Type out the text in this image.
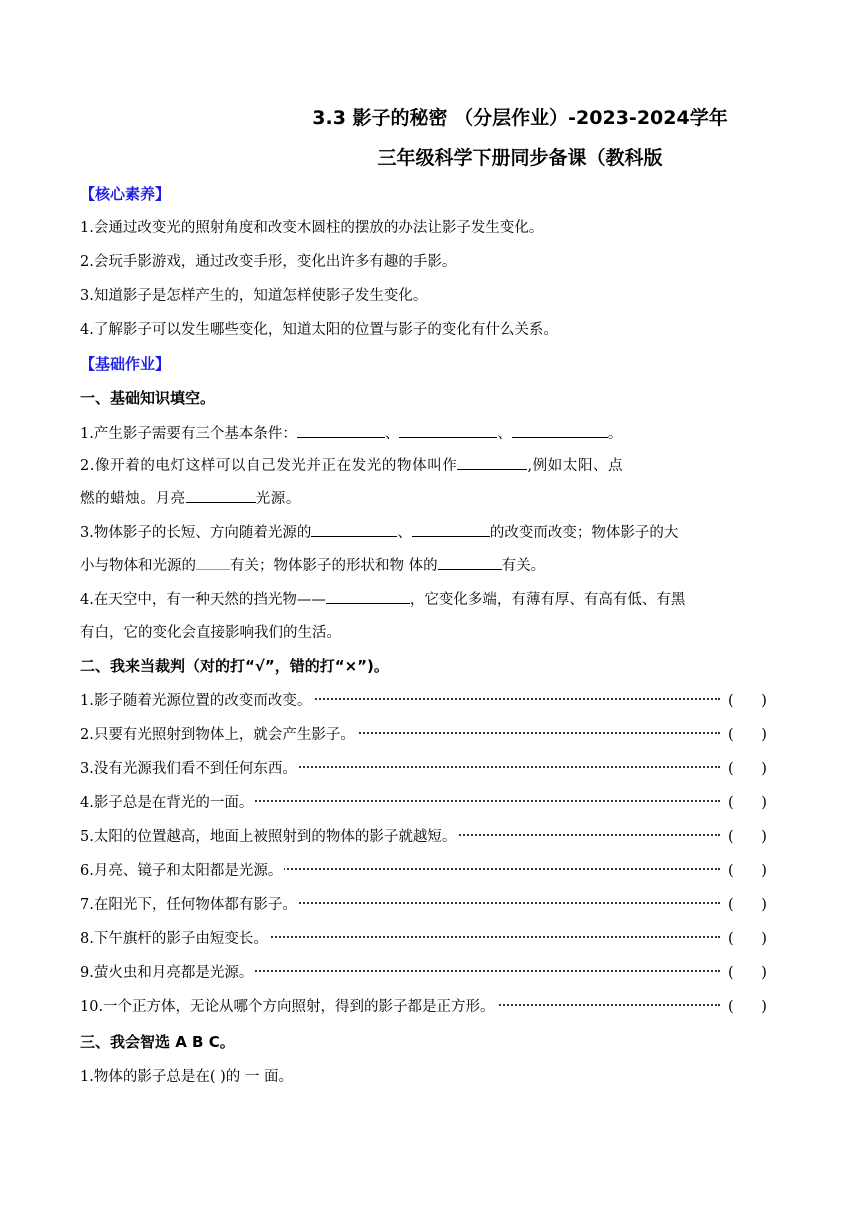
3.3 影子的秘密 （分层作业）-2023-2024学年
三年级科学下册同步备课（教科版
【核心素养】
1.会通过改变光的照射角度和改变木圆柱的摆放的办法让影子发生变化。
2.会玩手影游戏，通过改变手形，变化出许多有趣的手影。
3.知道影子是怎样产生的，知道怎样使影子发生变化。
4.了解影子可以发生哪些变化，知道太阳的位置与影子的变化有什么关系。
【基础作业】
一、基础知识填空。
1.产生影子需要有三个基本条件：	、	、	。
2.像开着的电灯这样可以自己发光并正在发光的物体叫作	,例如太阳、点
燃的蜡烛。月亮	光源。
3.物体影子的长短、方向随着光源的	、	的改变而改变；物体影子的大
小与物体和光源的 有关；物体影子的形状和物 体的	有关。
4.在天空中，有一种天然的挡光物——	，它变化多端，有薄有厚、有高有低、有黑
有白，它的变化会直接影响我们的生活。
二、我来当裁判（对的打“√”，错的打“×”)。
1.影子随着光源位置的改变而改变。	(      )
2.只要有光照射到物体上，就会产生影子。	(      )
3.没有光源我们看不到任何东西。	(      )
4.影子总是在背光的一面。	(      )
5.太阳的位置越高，地面上被照射到的物体的影子就越短。	(      )
6.月亮、镜子和太阳都是光源。	(      )
7.在阳光下，任何物体都有影子。	(      )
8.下午旗杆的影子由短变长。	(      )
9.萤火虫和月亮都是光源。	(      )
10.一个正方体，无论从哪个方向照射，得到的影子都是正方形。	(      )
三、我会智选 A B C。
1.物体的影子总是在( )的 一 面。
